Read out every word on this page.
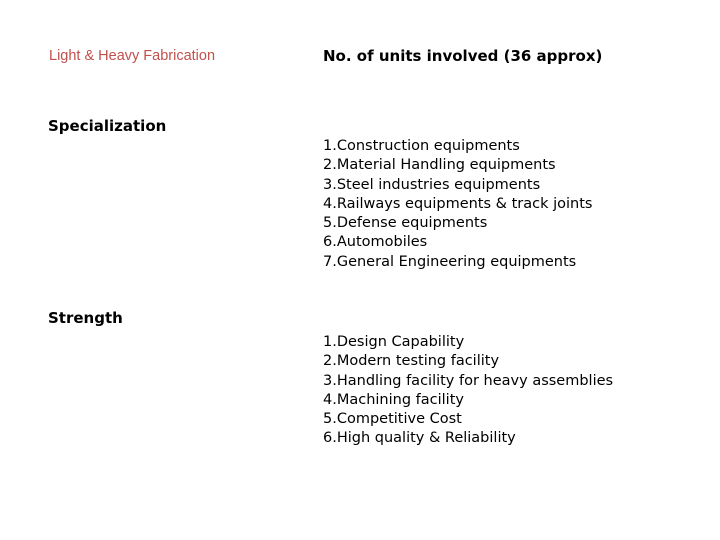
Light & Heavy Fabrication	No. of units involved (36 approx)
Specialization
1.Construction equipments
2.Material Handling equipments
3.Steel industries equipments
4.Railways equipments & track joints
5.Defense equipments
6.Automobiles
7.General Engineering equipments
Strength
1.Design Capability
2.Modern testing facility
3.Handling facility for heavy assemblies
4.Machining facility
5.Competitive Cost
6.High quality & Reliability
